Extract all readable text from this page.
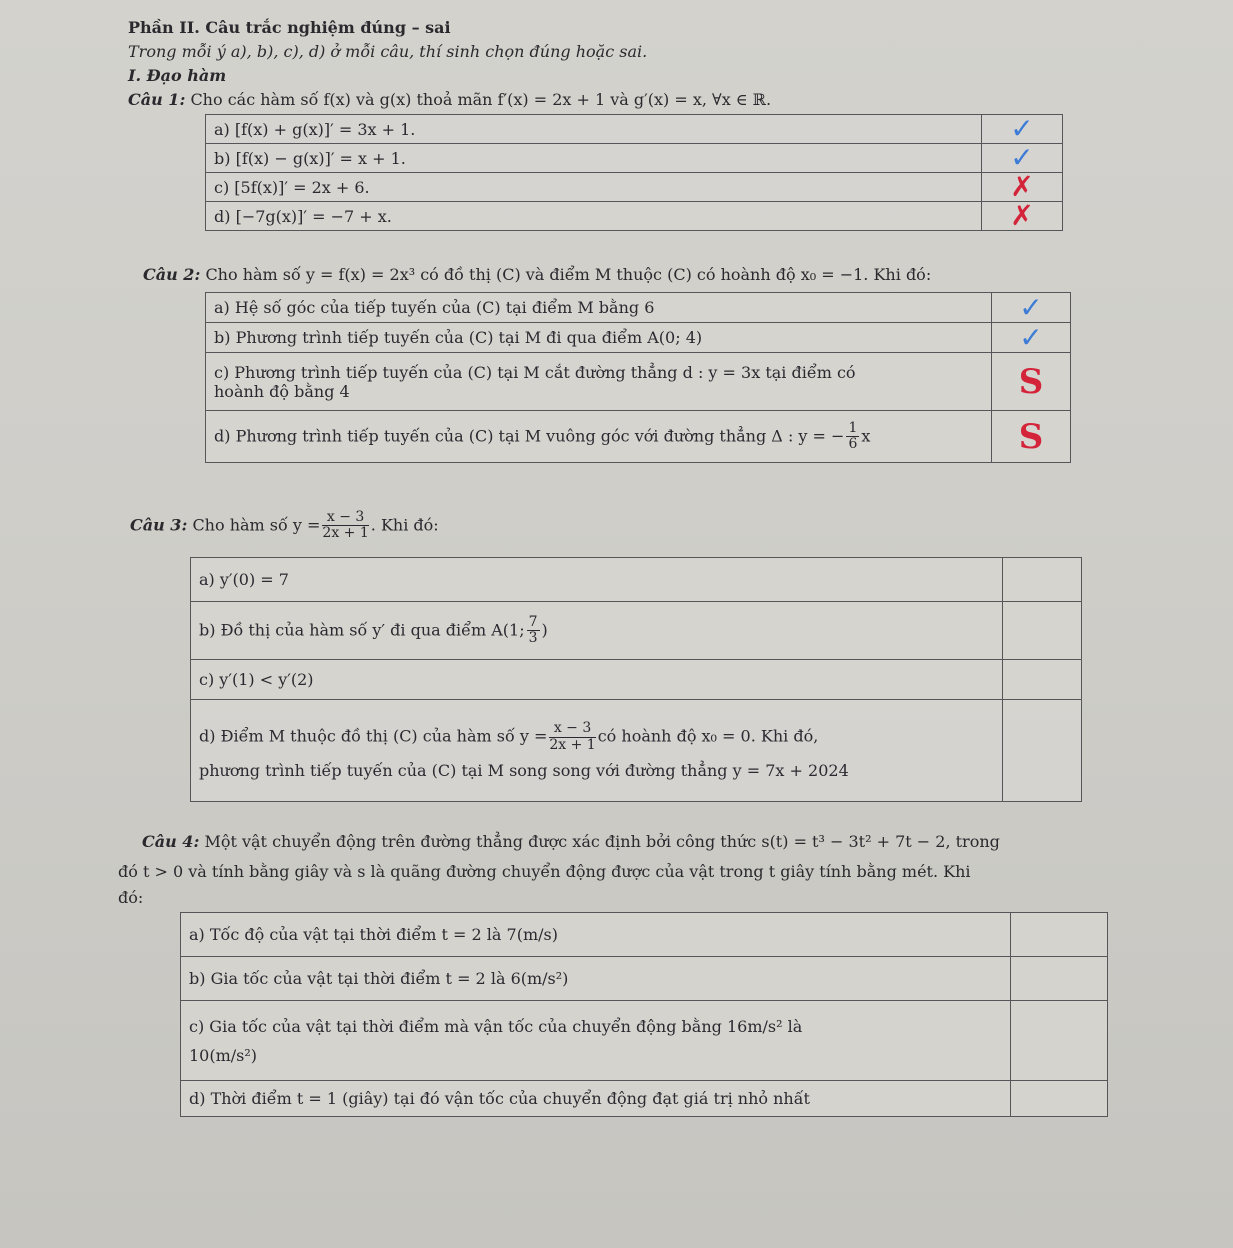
Phần II. Câu trắc nghiệm đúng – sai
Trong mỗi ý a), b), c), d) ở mỗi câu, thí sinh chọn đúng hoặc sai.
I. Đạo hàm
Câu 1: Cho các hàm số f(x) và g(x) thoả mãn f′(x) = 2x + 1 và g′(x) = x, ∀x ∈ ℝ.
a) [f(x) + g(x)]′ = 3x + 1.	✓
b) [f(x) − g(x)]′ = x + 1.	✓
c) [5f(x)]′ = 2x + 6.	✗
d) [−7g(x)]′ = −7 + x.	✗
Câu 2: Cho hàm số y = f(x) = 2x³ có đồ thị (C) và điểm M thuộc (C) có hoành độ x₀ = −1. Khi đó:
a) Hệ số góc của tiếp tuyến của (C) tại điểm M bằng 6	✓
b) Phương trình tiếp tuyến của (C) tại M đi qua điểm A(0; 4)	✓

c) Phương trình tiếp tuyến của (C) tại M cắt đường thẳng d : y = 3x tại điểm có
hoành độ bằng 4	S
d) Phương trình tiếp tuyến của (C) tại M vuông góc với đường thẳng Δ : y = − $\frac{1}{6}$ x	S
Câu 3: Cho hàm số $y = \frac{x - 3}{2x + 1}$ . Khi đó:
a) y′(0) = 7	
b) Đồ thị của hàm số y′ đi qua điểm A(1; $\frac{7}{3}$ )	
c) y′(1) < y′(2)	

d) Điểm M thuộc đồ thị (C) của hàm số $y = \frac{x - 3}{2x + 1}$ có hoành độ x₀ = 0. Khi đó,
phương trình tiếp tuyến của (C) tại M song song với đường thẳng y = 7x + 2024	

Câu 4: Một vật chuyển động trên đường thẳng được xác định bởi công thức s(t) = t³ − 3t² + 7t − 2, trong
đó t > 0 và tính bằng giây và s là quãng đường chuyển động được của vật trong t giây tính bằng mét. Khi
đó:
a) Tốc độ của vật tại thời điểm t = 2 là 7(m/s)	
b) Gia tốc của vật tại thời điểm t = 2 là 6(m/s²)	

c) Gia tốc của vật tại thời điểm mà vận tốc của chuyển động bằng 16m/s² là
10(m/s²)	

d) Thời điểm t = 1 (giây) tại đó vận tốc của chuyển động đạt giá trị nhỏ nhất	
